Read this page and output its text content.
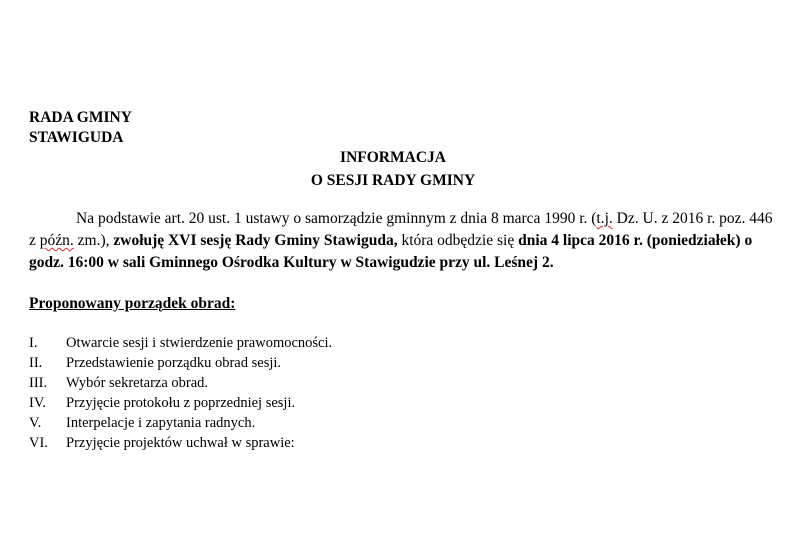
RADA GMINY
STAWIGUDA
INFORMACJA
O SESJI RADY GMINY
Na podstawie art. 20 ust. 1 ustawy o samorządzie gminnym z dnia 8 marca 1990 r. (t.j. Dz. U. z 2016 r. poz. 446 z późn. zm.), zwołuję XVI sesję Rady Gminy Stawiguda, która odbędzie się dnia 4 lipca 2016 r. (poniedziałek) o godz. 16:00 w sali Gminnego Ośrodka Kultury w Stawigudzie przy ul. Leśnej 2.
Proponowany porządek obrad:
I.	Otwarcie sesji i stwierdzenie prawomocności.
II.	Przedstawienie porządku obrad sesji.
III.	Wybór sekretarza obrad.
IV.	Przyjęcie protokołu z poprzedniej sesji.
V.	Interpelacje i zapytania radnych.
VI.	Przyjęcie projektów uchwał w sprawie:
